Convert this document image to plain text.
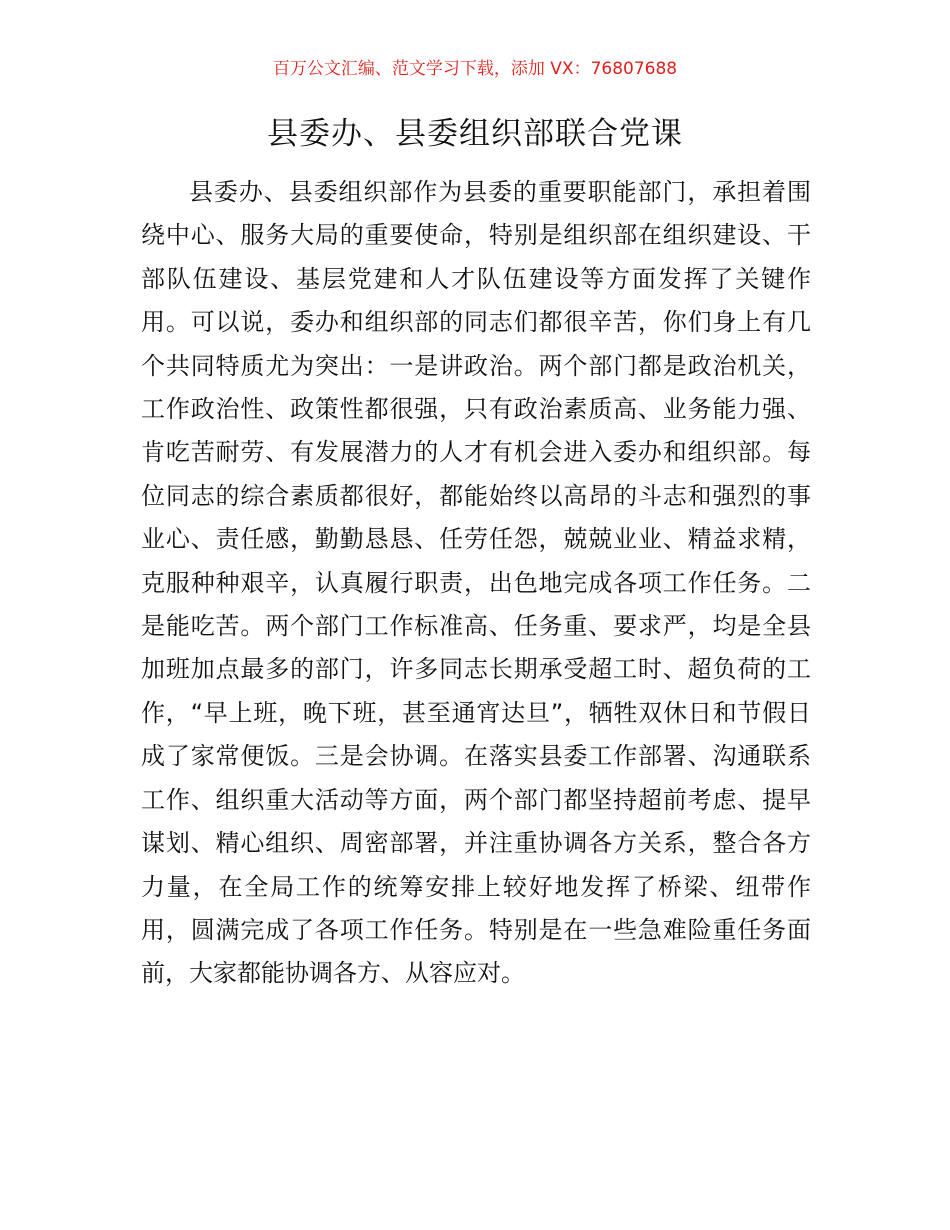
百万公文汇编、范文学习下载，添加 VX：76807688
县委办、县委组织部联合党课

县委办、县委组织部作为县委的重要职能部门，承担着围绕中心、服务大局的重要使命，特别是组织部在组织建设、干部队伍建设、基层党建和人才队伍建设等方面发挥了关键作用。可以说，委办和组织部的同志们都很辛苦，你们身上有几个共同特质尤为突出：一是讲政治。两个部门都是政治机关，工作政治性、政策性都很强，只有政治素质高、业务能力强、肯吃苦耐劳、有发展潜力的人才有机会进入委办和组织部。每位同志的综合素质都很好，都能始终以高昂的斗志和强烈的事业心、责任感，勤勤恳恳、任劳任怨，兢兢业业、精益求精，克服种种艰辛，认真履行职责，出色地完成各项工作任务。二是能吃苦。两个部门工作标准高、任务重、要求严，均是全县加班加点最多的部门，许多同志长期承受超工时、超负荷的工作，“早上班，晚下班，甚至通宵达旦”，牺牲双休日和节假日成了家常便饭。三是会协调。在落实县委工作部署、沟通联系工作、组织重大活动等方面，两个部门都坚持超前考虑、提早谋划、精心组织、周密部署，并注重协调各方关系，整合各方力量，在全局工作的统筹安排上较好地发挥了桥梁、纽带作用，圆满完成了各项工作任务。特别是在一些急难险重任务面前，大家都能协调各方、从容应对。
